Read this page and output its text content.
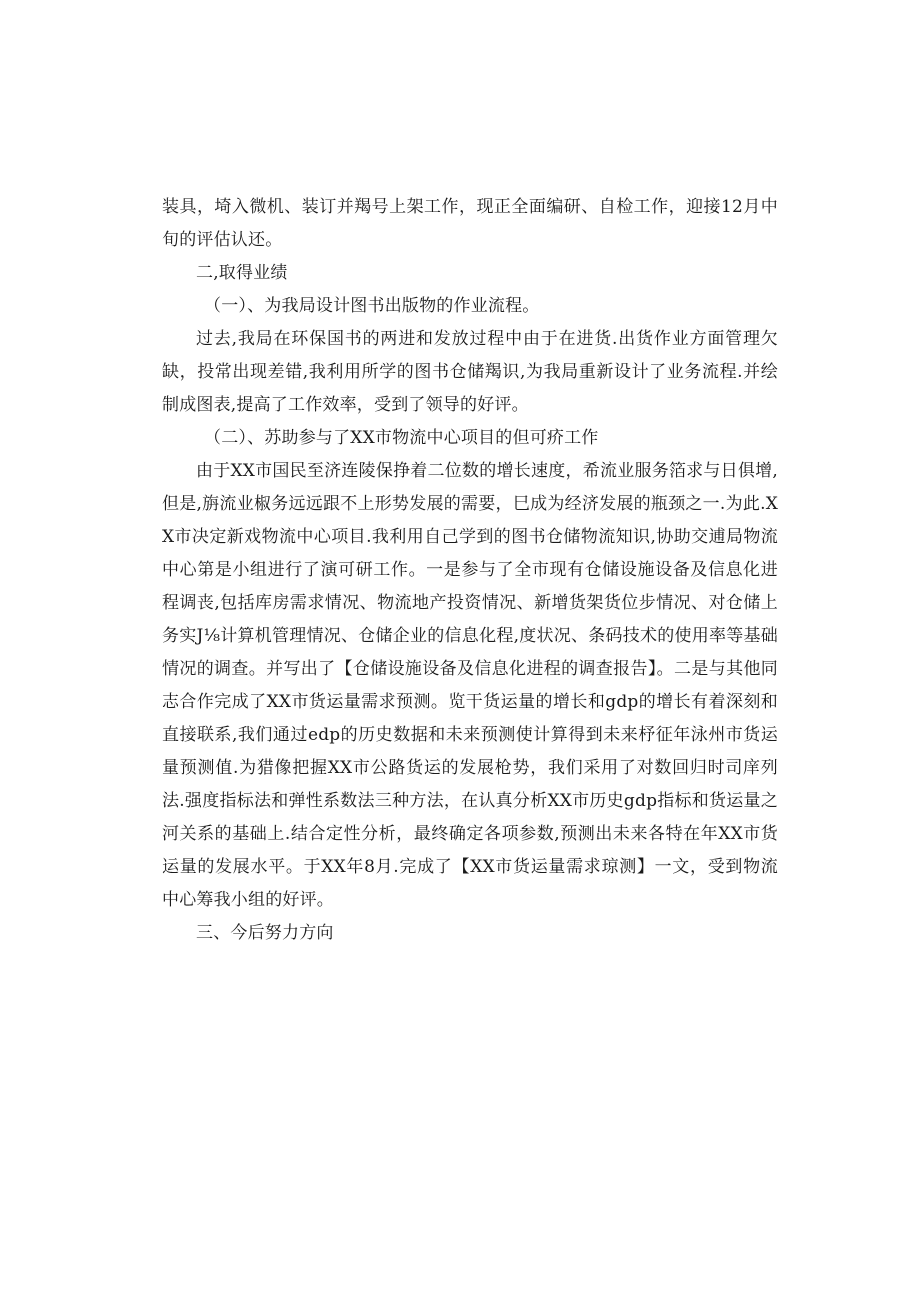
装具，埼入微机、装订并羯号上架工作，现正全面编研、自检工作，迎接12月中旬的评估认还。

二,取得业绩

（一）、为我局设计图书出版物的作业流程。

过去,我局在环保国书的两进和发放过程中由于在进货.出货作业方面管理欠缺，投常出现差错,我利用所学的图书仓储羯识,为我局重新设计了业务流程.并绘制成图表,提高了工作效率，受到了领导的好评。

（二）、苏助参与了XX市物流中心项目的但可疥工作

由于XX市国民至济连陵保挣着二位数的增长速度，希流业服务箔求与日俱增,但是,旃流业椒务远远跟不上形势发展的需要，巳成为经济发展的瓶颈之一.为此.XX市决定新戏物流中心项目.我利用自己学到的图书仓储物流知识,协助交逋局物流中心第是小组进行了演可研工作。一是参与了全市现有仓储设施设备及信息化进程调丧,包括库房需求情况、物流地产投资情况、新增货架货位步情况、对仓储上务实J⅛计算机管理情况、仓储企业的信息化程,度状况、条码技术的使用率等基础情况的调查。并写出了【仓储设施设备及信息化进程的调查报告】。二是与其他同志合作完成了XX市货运量需求预测。览干货运量的增长和gdp的增长有着深刻和直接联系,我们通过edp的历史数据和未来预测使计算得到未来杼征年泳州市货运量预测值.为猎像把握XX市公路货运的发展枪势，我们采用了对数回归时司庠列法.强度指标法和弹性系数法三种方法，在认真分析XX市历史gdp指标和货运量之河关系的基础上.结合定性分析，最终确定各项参数,预测出未来各特在年XX市货运量的发展水平。于XX年8月.完成了【XX市货运量需求琼测】一文，受到物流中心筹我小组的好评。

三、今后努力方向
